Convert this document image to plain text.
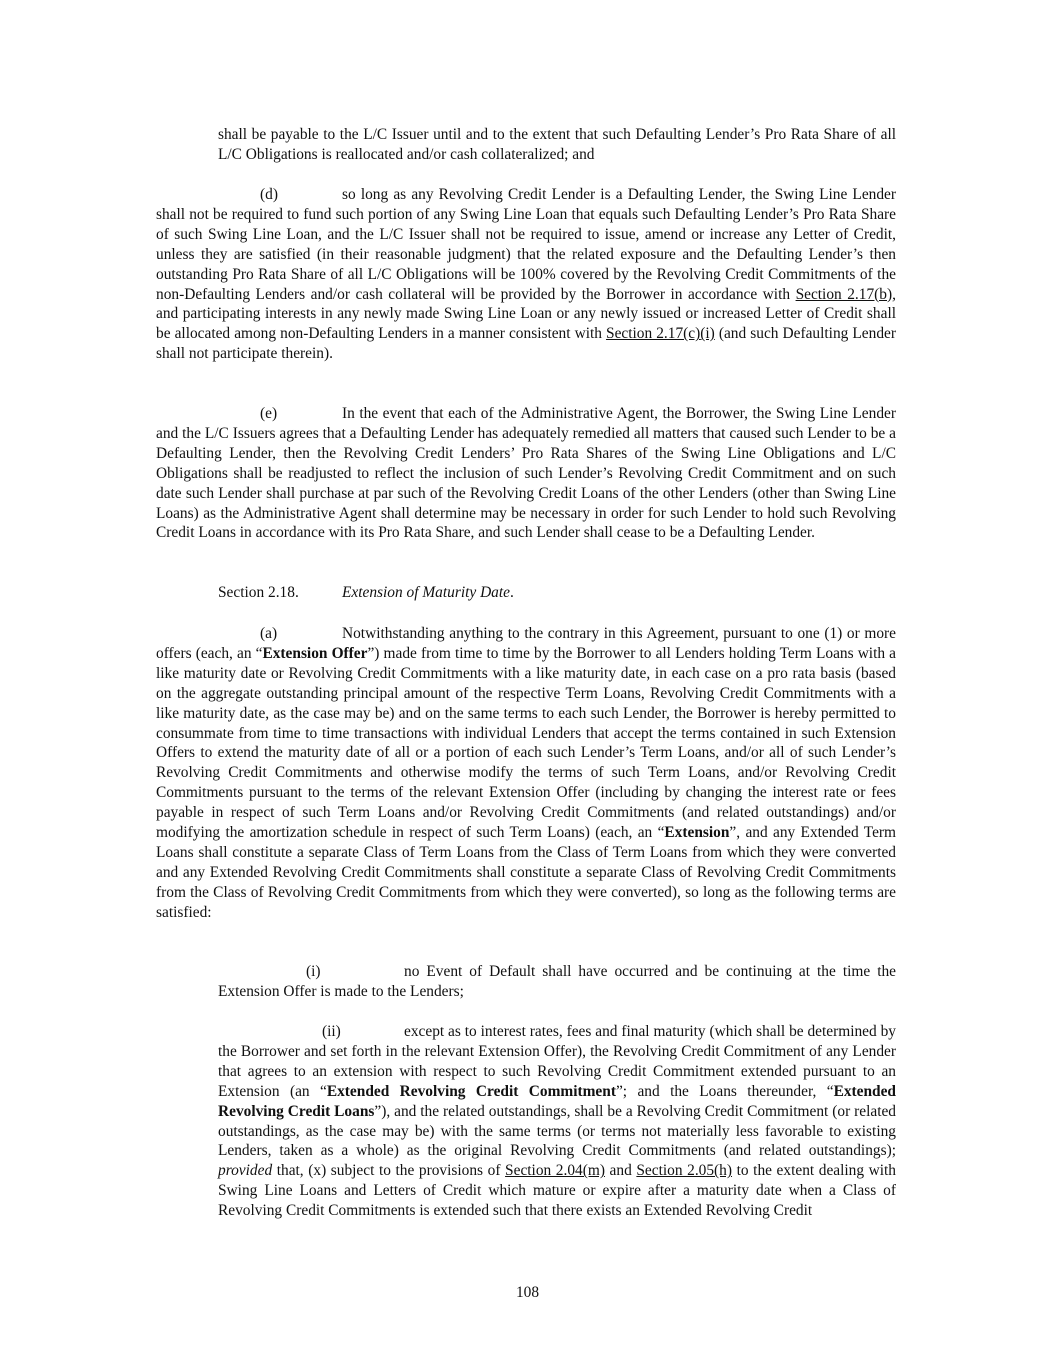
shall be payable to the L/C Issuer until and to the extent that such Defaulting Lender’s Pro Rata Share of all L/C Obligations is reallocated and/or cash collateralized; and

(d)	so long as any Revolving Credit Lender is a Defaulting Lender, the Swing Line Lender shall not be required to fund such portion of any Swing Line Loan that equals such Defaulting Lender’s Pro Rata Share of such Swing Line Loan, and the L/C Issuer shall not be required to issue, amend or increase any Letter of Credit, unless they are satisfied (in their reasonable judgment) that the related exposure and the Defaulting Lender’s then outstanding Pro Rata Share of all L/C Obligations will be 100% covered by the Revolving Credit Commitments of the non-Defaulting Lenders and/or cash collateral will be provided by the Borrower in accordance with Section 2.17(b), and participating interests in any newly made Swing Line Loan or any newly issued or increased Letter of Credit shall be allocated among non-Defaulting Lenders in a manner consistent with Section 2.17(c)(i) (and such Defaulting Lender shall not participate therein).

(e)	In the event that each of the Administrative Agent, the Borrower, the Swing Line Lender and the L/C Issuers agrees that a Defaulting Lender has adequately remedied all matters that caused such Lender to be a Defaulting Lender, then the Revolving Credit Lenders’ Pro Rata Shares of the Swing Line Obligations and L/C Obligations shall be readjusted to reflect the inclusion of such Lender’s Revolving Credit Commitment and on such date such Lender shall purchase at par such of the Revolving Credit Loans of the other Lenders (other than Swing Line Loans) as the Administrative Agent shall determine may be necessary in order for such Lender to hold such Revolving Credit Loans in accordance with its Pro Rata Share, and such Lender shall cease to be a Defaulting Lender.

Section 2.18.	Extension of Maturity Date.

(a)	Notwithstanding anything to the contrary in this Agreement, pursuant to one (1) or more offers (each, an “Extension Offer”) made from time to time by the Borrower to all Lenders holding Term Loans with a like maturity date or Revolving Credit Commitments with a like maturity date, in each case on a pro rata basis (based on the aggregate outstanding principal amount of the respective Term Loans, Revolving Credit Commitments with a like maturity date, as the case may be) and on the same terms to each such Lender, the Borrower is hereby permitted to consummate from time to time transactions with individual Lenders that accept the terms contained in such Extension Offers to extend the maturity date of all or a portion of each such Lender’s Term Loans, and/or all of such Lender’s Revolving Credit Commitments and otherwise modify the terms of such Term Loans, and/or Revolving Credit Commitments pursuant to the terms of the relevant Extension Offer (including by changing the interest rate or fees payable in respect of such Term Loans and/or Revolving Credit Commitments (and related outstandings) and/or modifying the amortization schedule in respect of such Term Loans) (each, an “Extension”, and any Extended Term Loans shall constitute a separate Class of Term Loans from the Class of Term Loans from which they were converted and any Extended Revolving Credit Commitments shall constitute a separate Class of Revolving Credit Commitments from the Class of Revolving Credit Commitments from which they were converted), so long as the following terms are satisfied:

(i)	no Event of Default shall have occurred and be continuing at the time the Extension Offer is made to the Lenders;

(ii)	except as to interest rates, fees and final maturity (which shall be determined by the Borrower and set forth in the relevant Extension Offer), the Revolving Credit Commitment of any Lender that agrees to an extension with respect to such Revolving Credit Commitment extended pursuant to an Extension (an “Extended Revolving Credit Commitment”; and the Loans thereunder, “Extended Revolving Credit Loans”), and the related outstandings, shall be a Revolving Credit Commitment (or related outstandings, as the case may be) with the same terms (or terms not materially less favorable to existing Lenders, taken as a whole) as the original Revolving Credit Commitments (and related outstandings); provided that, (x) subject to the provisions of Section 2.04(m) and Section 2.05(h) to the extent dealing with Swing Line Loans and Letters of Credit which mature or expire after a maturity date when a Class of Revolving Credit Commitments is extended such that there exists an Extended Revolving Credit

108
